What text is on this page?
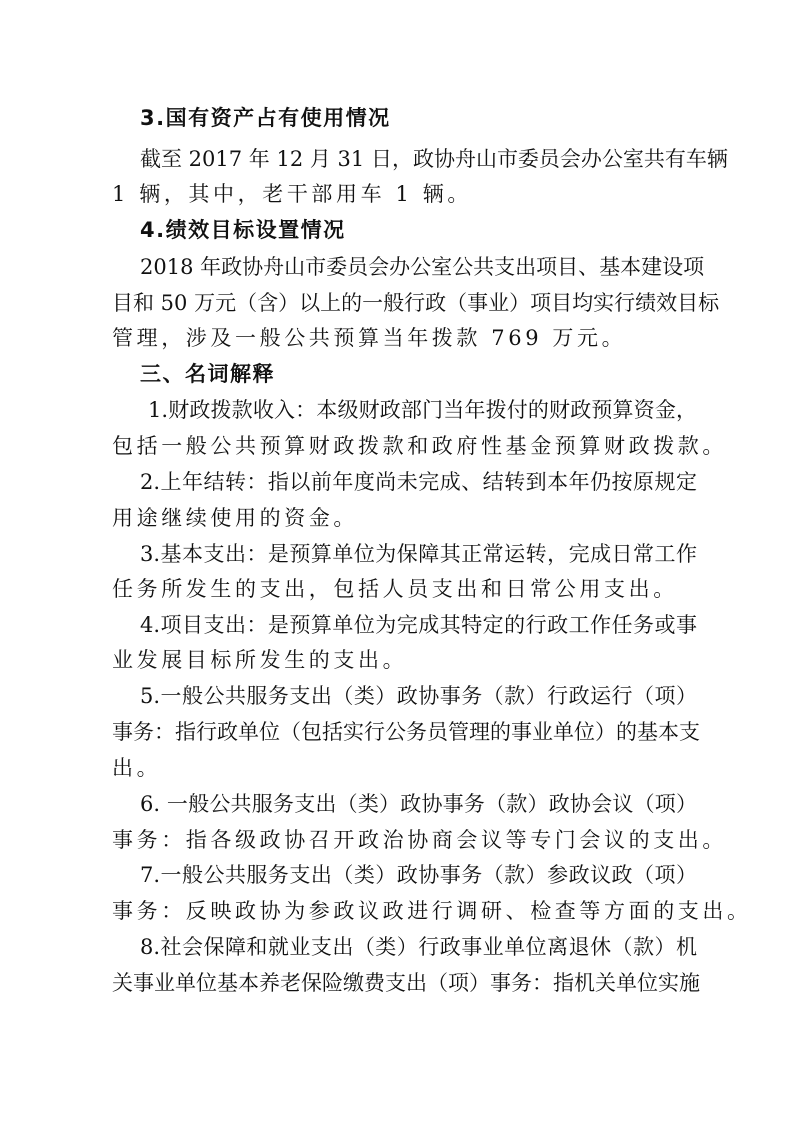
3.国有资产占有使用情况
截至 2017 年 12 月 31 日，政协舟山市委员会办公室共有车辆
1 辆，其中，老干部用车 1 辆。
4.绩效目标设置情况
2018 年政协舟山市委员会办公室公共支出项目、基本建设项
目和 50 万元（含）以上的一般行政（事业）项目均实行绩效目标
管理，涉及一般公共预算当年拨款 769 万元。
三、名词解释
1.财政拨款收入：本级财政部门当年拨付的财政预算资金，
包括一般公共预算财政拨款和政府性基金预算财政拨款。
2.上年结转：指以前年度尚未完成、结转到本年仍按原规定
用途继续使用的资金。
3.基本支出：是预算单位为保障其正常运转，完成日常工作
任务所发生的支出，包括人员支出和日常公用支出。
4.项目支出：是预算单位为完成其特定的行政工作任务或事
业发展目标所发生的支出。
5.一般公共服务支出（类）政协事务（款）行政运行（项）
事务：指行政单位（包括实行公务员管理的事业单位）的基本支
出。
6. 一般公共服务支出（类）政协事务（款）政协会议（项）
事务：指各级政协召开政治协商会议等专门会议的支出。
7.一般公共服务支出（类）政协事务（款）参政议政（项）
事务：反映政协为参政议政进行调研、检查等方面的支出。
8.社会保障和就业支出（类）行政事业单位离退休（款）机
关事业单位基本养老保险缴费支出（项）事务：指机关单位实施
